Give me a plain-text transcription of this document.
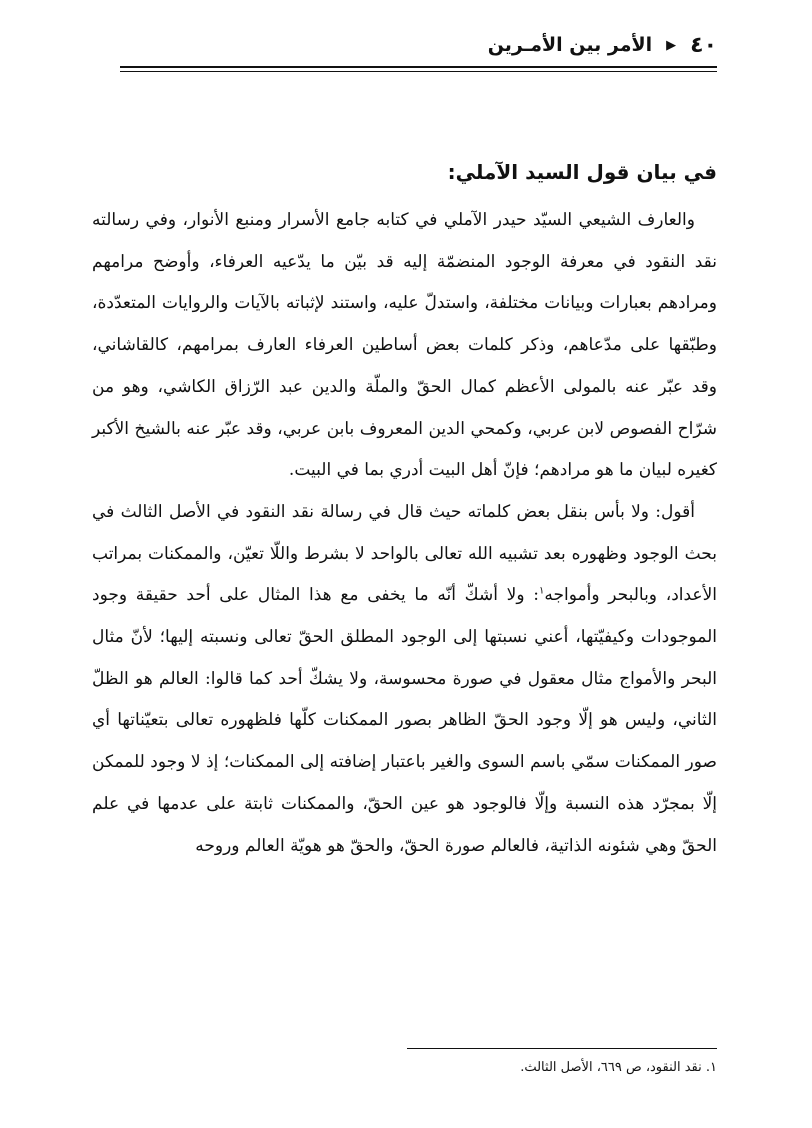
٤٠
▶
الأمر بين الأمـرين
في بيان قول السيد الآملي:

والعارف الشيعي السيّد حيدر الآملي في كتابه جامع الأسرار ومنبع الأنوار، وفي رسالته نقد النقود في معرفة الوجود المنضمّة إليه قد بيّن ما يدّعيه العرفاء، وأوضح مرامهم ومرادهم بعبارات وبيانات مختلفة، واستدلّ عليه، واستند لإثباته بالآيات والروايات المتعدّدة، وطبّقها على مدّعاهم، وذكر كلمات بعض أساطين العرفاء العارف بمرامهم، كالقاشاني، وقد عبّر عنه بالمولى الأعظم كمال الحقّ والملّة والدين عبد الرّزاق الكاشي، وهو من شرّاح الفصوص لابن عربي، وكمحي الدين المعروف بابن عربي، وقد عبّر عنه بالشيخ الأكبر كغيره لبيان ما هو مرادهم؛ فإنّ أهل البيت أدري بما في البيت.

أقول: ولا بأس بنقل بعض كلماته حيث قال في رسالة نقد النقود في الأصل الثالث في بحث الوجود وظهوره بعد تشبيه الله تعالى بالواحد لا بشرط واللّا تعيّن، والممكنات بمراتب الأعداد، وبالبحر وأمواجه$^١$: ولا أشكّ أنّه ما يخفى مع هذا المثال على أحد حقيقة وجود الموجودات وكيفيّتها، أعني نسبتها إلى الوجود المطلق الحقّ تعالى ونسبته إليها؛ لأنّ مثال البحر والأمواج مثال معقول في صورة محسوسة، ولا يشكّ أحد كما قالوا: العالم هو الظلّ الثاني، وليس هو إلّا وجود الحقّ الظاهر بصور الممكنات كلّها فلظهوره تعالى بتعيّناتها أي صور الممكنات سمّي باسم السوى والغير باعتبار إضافته إلى الممكنات؛ إذ لا وجود للممكن إلّا بمجرّد هذه النسبة وإلّا فالوجود هو عين الحقّ، والممكنات ثابتة على عدمها في علم الحقّ وهي شئونه الذاتية، فالعالم صورة الحقّ، والحقّ هو هويّة العالم وروحه

١. نقد النقود، ص ٦٦٩، الأصل الثالث.
